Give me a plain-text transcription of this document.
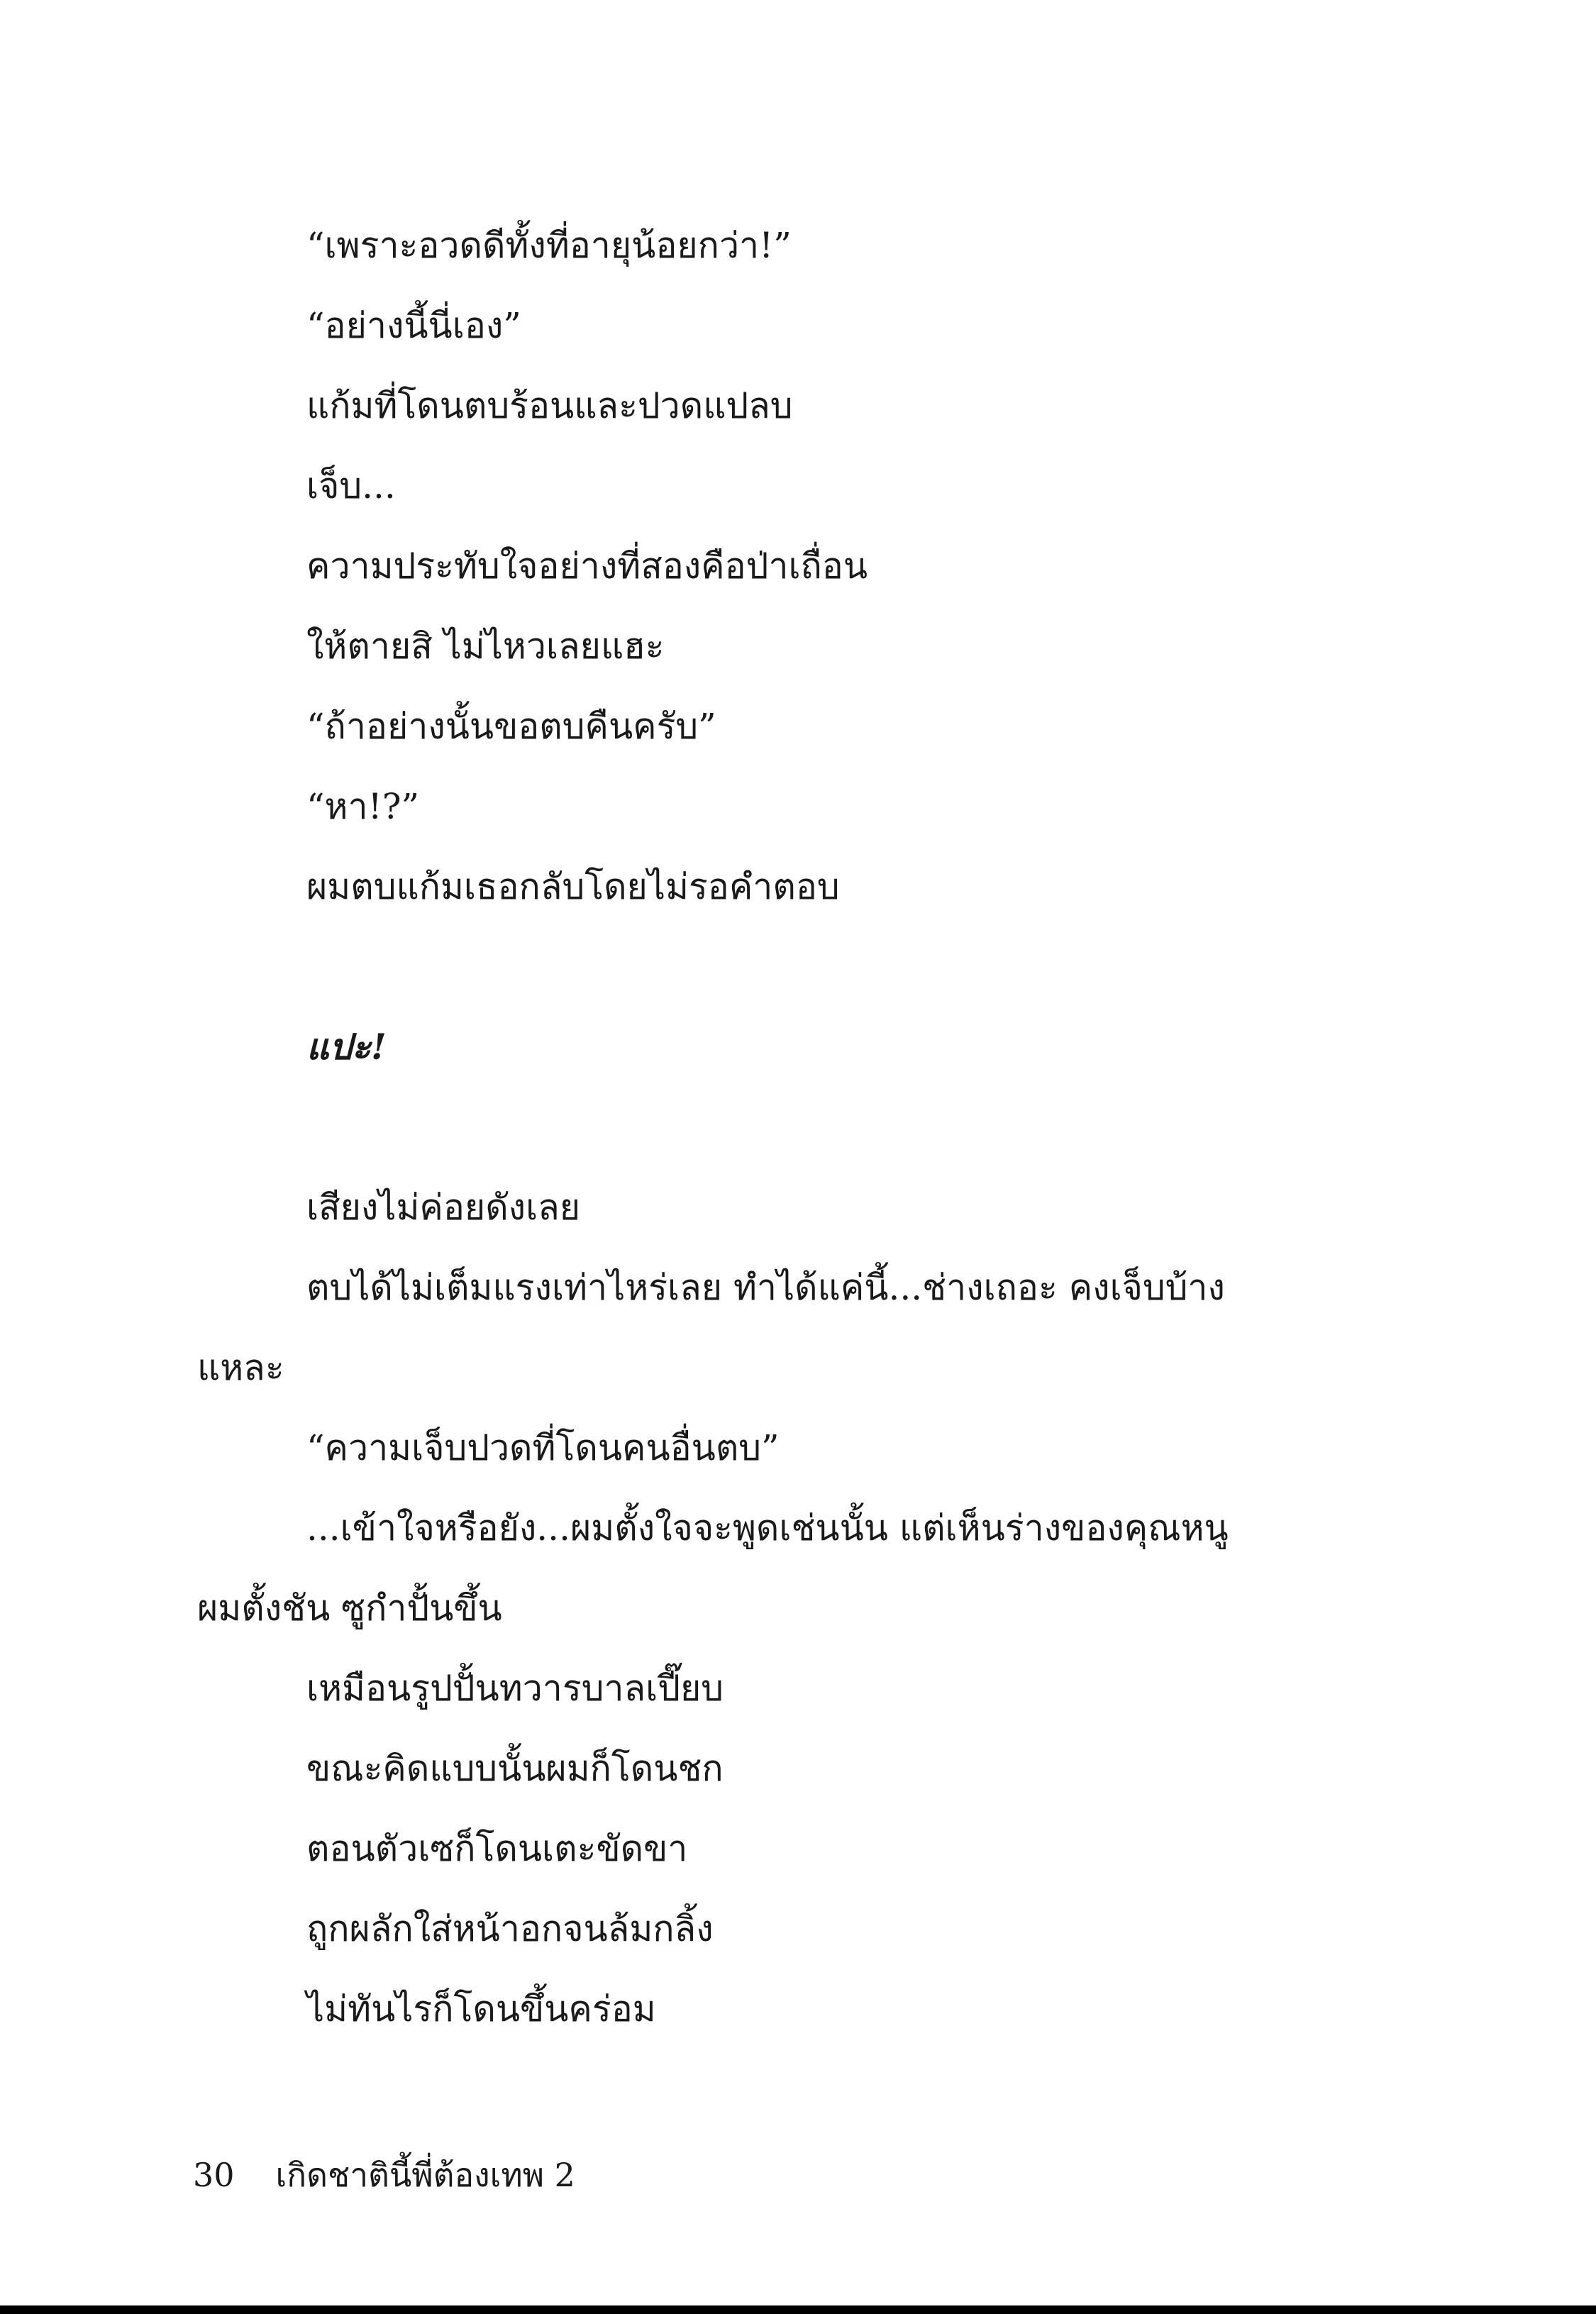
“เพราะอวดดีทั้งที่อายุน้อยกว่า!”
“อย่างนี้นี่เอง”
แก้มที่โดนตบร้อนและปวดแปลบ
เจ็บ...
ความประทับใจอย่างที่สองคือป่าเถื่อน
ให้ตายสิ ไม่ไหวเลยแฮะ
“ถ้าอย่างนั้นขอตบคืนครับ”
“หา!?”
ผมตบแก้มเธอกลับโดยไม่รอคำตอบ
แปะ!
เสียงไม่ค่อยดังเลย
ตบได้ไม่เต็มแรงเท่าไหร่เลย ทำได้แค่นี้...ช่างเถอะ คงเจ็บบ้าง
แหละ
“ความเจ็บปวดที่โดนคนอื่นตบ”
...เข้าใจหรือยัง...ผมตั้งใจจะพูดเช่นนั้น แต่เห็นร่างของคุณหนู
ผมตั้งชัน ซูกำปั้นขึ้น
เหมือนรูปปั้นทวารบาลเปี๊ยบ
ขณะคิดแบบนั้นผมก็โดนชก
ตอนตัวเซก็โดนเตะขัดขา
ถูกผลักใส่หน้าอกจนล้มกลิ้ง
ไม่ทันไรก็โดนขึ้นคร่อม
30 เกิดชาตินี้พี่ต้องเทพ 2
